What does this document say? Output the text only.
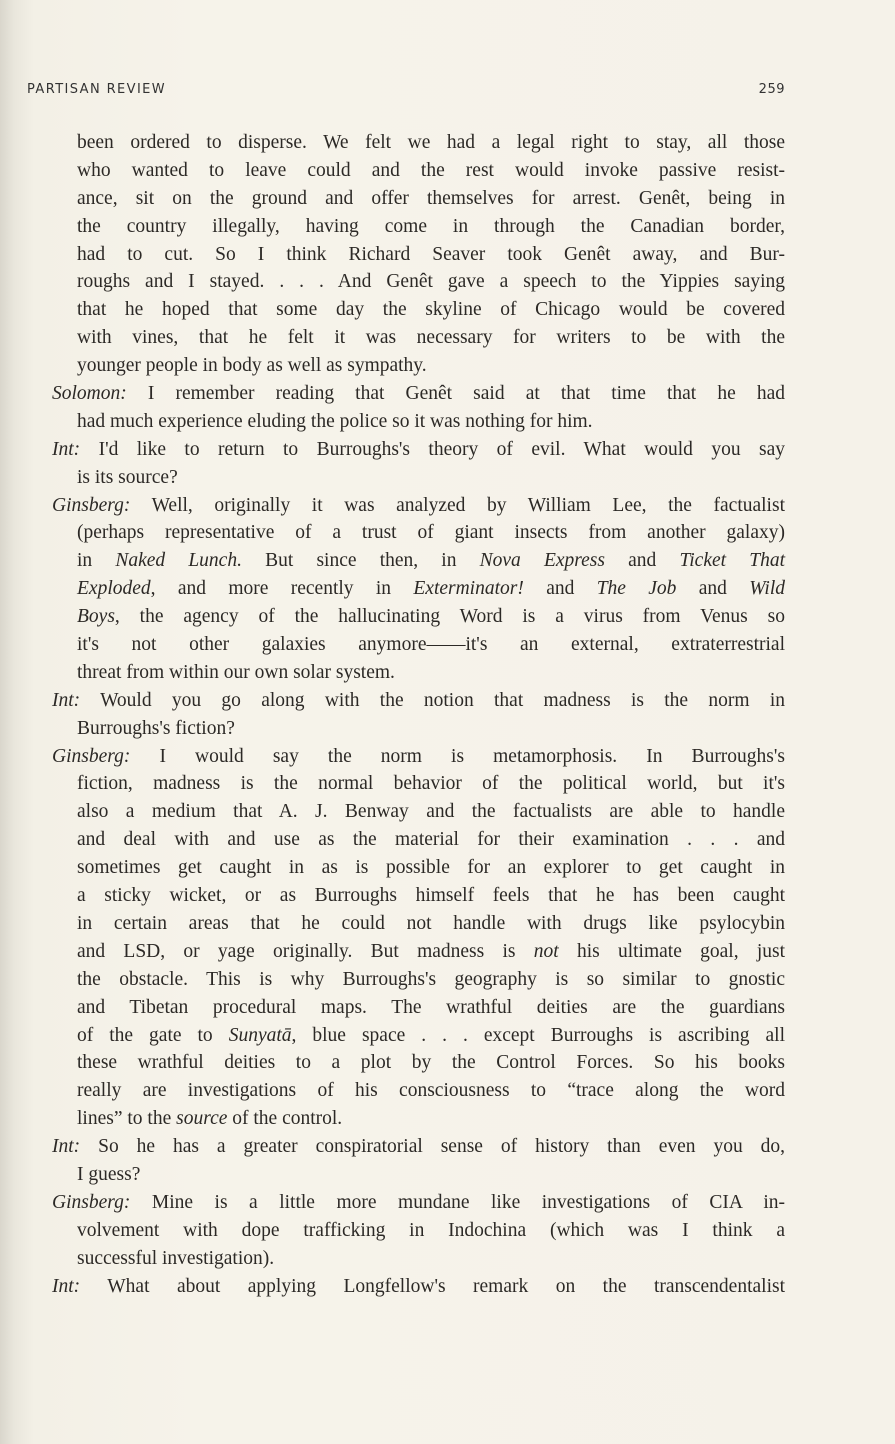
PARTISAN REVIEW	259
been ordered to disperse. We felt we had a legal right to stay, all those
who wanted to leave could and the rest would invoke passive resist-
ance, sit on the ground and offer themselves for arrest. Genêt, being in
the country illegally, having come in through the Canadian border,
had to cut. So I think Richard Seaver took Genêt away, and Bur-
roughs and I stayed. . . . And Genêt gave a speech to the Yippies saying
that he hoped that some day the skyline of Chicago would be covered
with vines, that he felt it was necessary for writers to be with the
younger people in body as well as sympathy.
Solomon: I remember reading that Genêt said at that time that he had
had much experience eluding the police so it was nothing for him.
Int: I'd like to return to Burroughs's theory of evil. What would you say
is its source?
Ginsberg: Well, originally it was analyzed by William Lee, the factualist
(perhaps representative of a trust of giant insects from another galaxy)
in Naked Lunch. But since then, in Nova Express and Ticket That
Exploded, and more recently in Exterminator! and The Job and Wild
Boys, the agency of the hallucinating Word is a virus from Venus so
it's not other galaxies anymore——it's an external, extraterrestrial
threat from within our own solar system.
Int: Would you go along with the notion that madness is the norm in
Burroughs's fiction?
Ginsberg: I would say the norm is metamorphosis. In Burroughs's
fiction, madness is the normal behavior of the political world, but it's
also a medium that A. J. Benway and the factualists are able to handle
and deal with and use as the material for their examination . . . and
sometimes get caught in as is possible for an explorer to get caught in
a sticky wicket, or as Burroughs himself feels that he has been caught
in certain areas that he could not handle with drugs like psylocybin
and LSD, or yage originally. But madness is not his ultimate goal, just
the obstacle. This is why Burroughs's geography is so similar to gnostic
and Tibetan procedural maps. The wrathful deities are the guardians
of the gate to Sunyatā, blue space . . . except Burroughs is ascribing all
these wrathful deities to a plot by the Control Forces. So his books
really are investigations of his consciousness to “trace along the word
lines” to the source of the control.
Int: So he has a greater conspiratorial sense of history than even you do,
I guess?
Ginsberg: Mine is a little more mundane like investigations of CIA in-
volvement with dope trafficking in Indochina (which was I think a
successful investigation).
Int: What about applying Longfellow's remark on the transcendentalist
